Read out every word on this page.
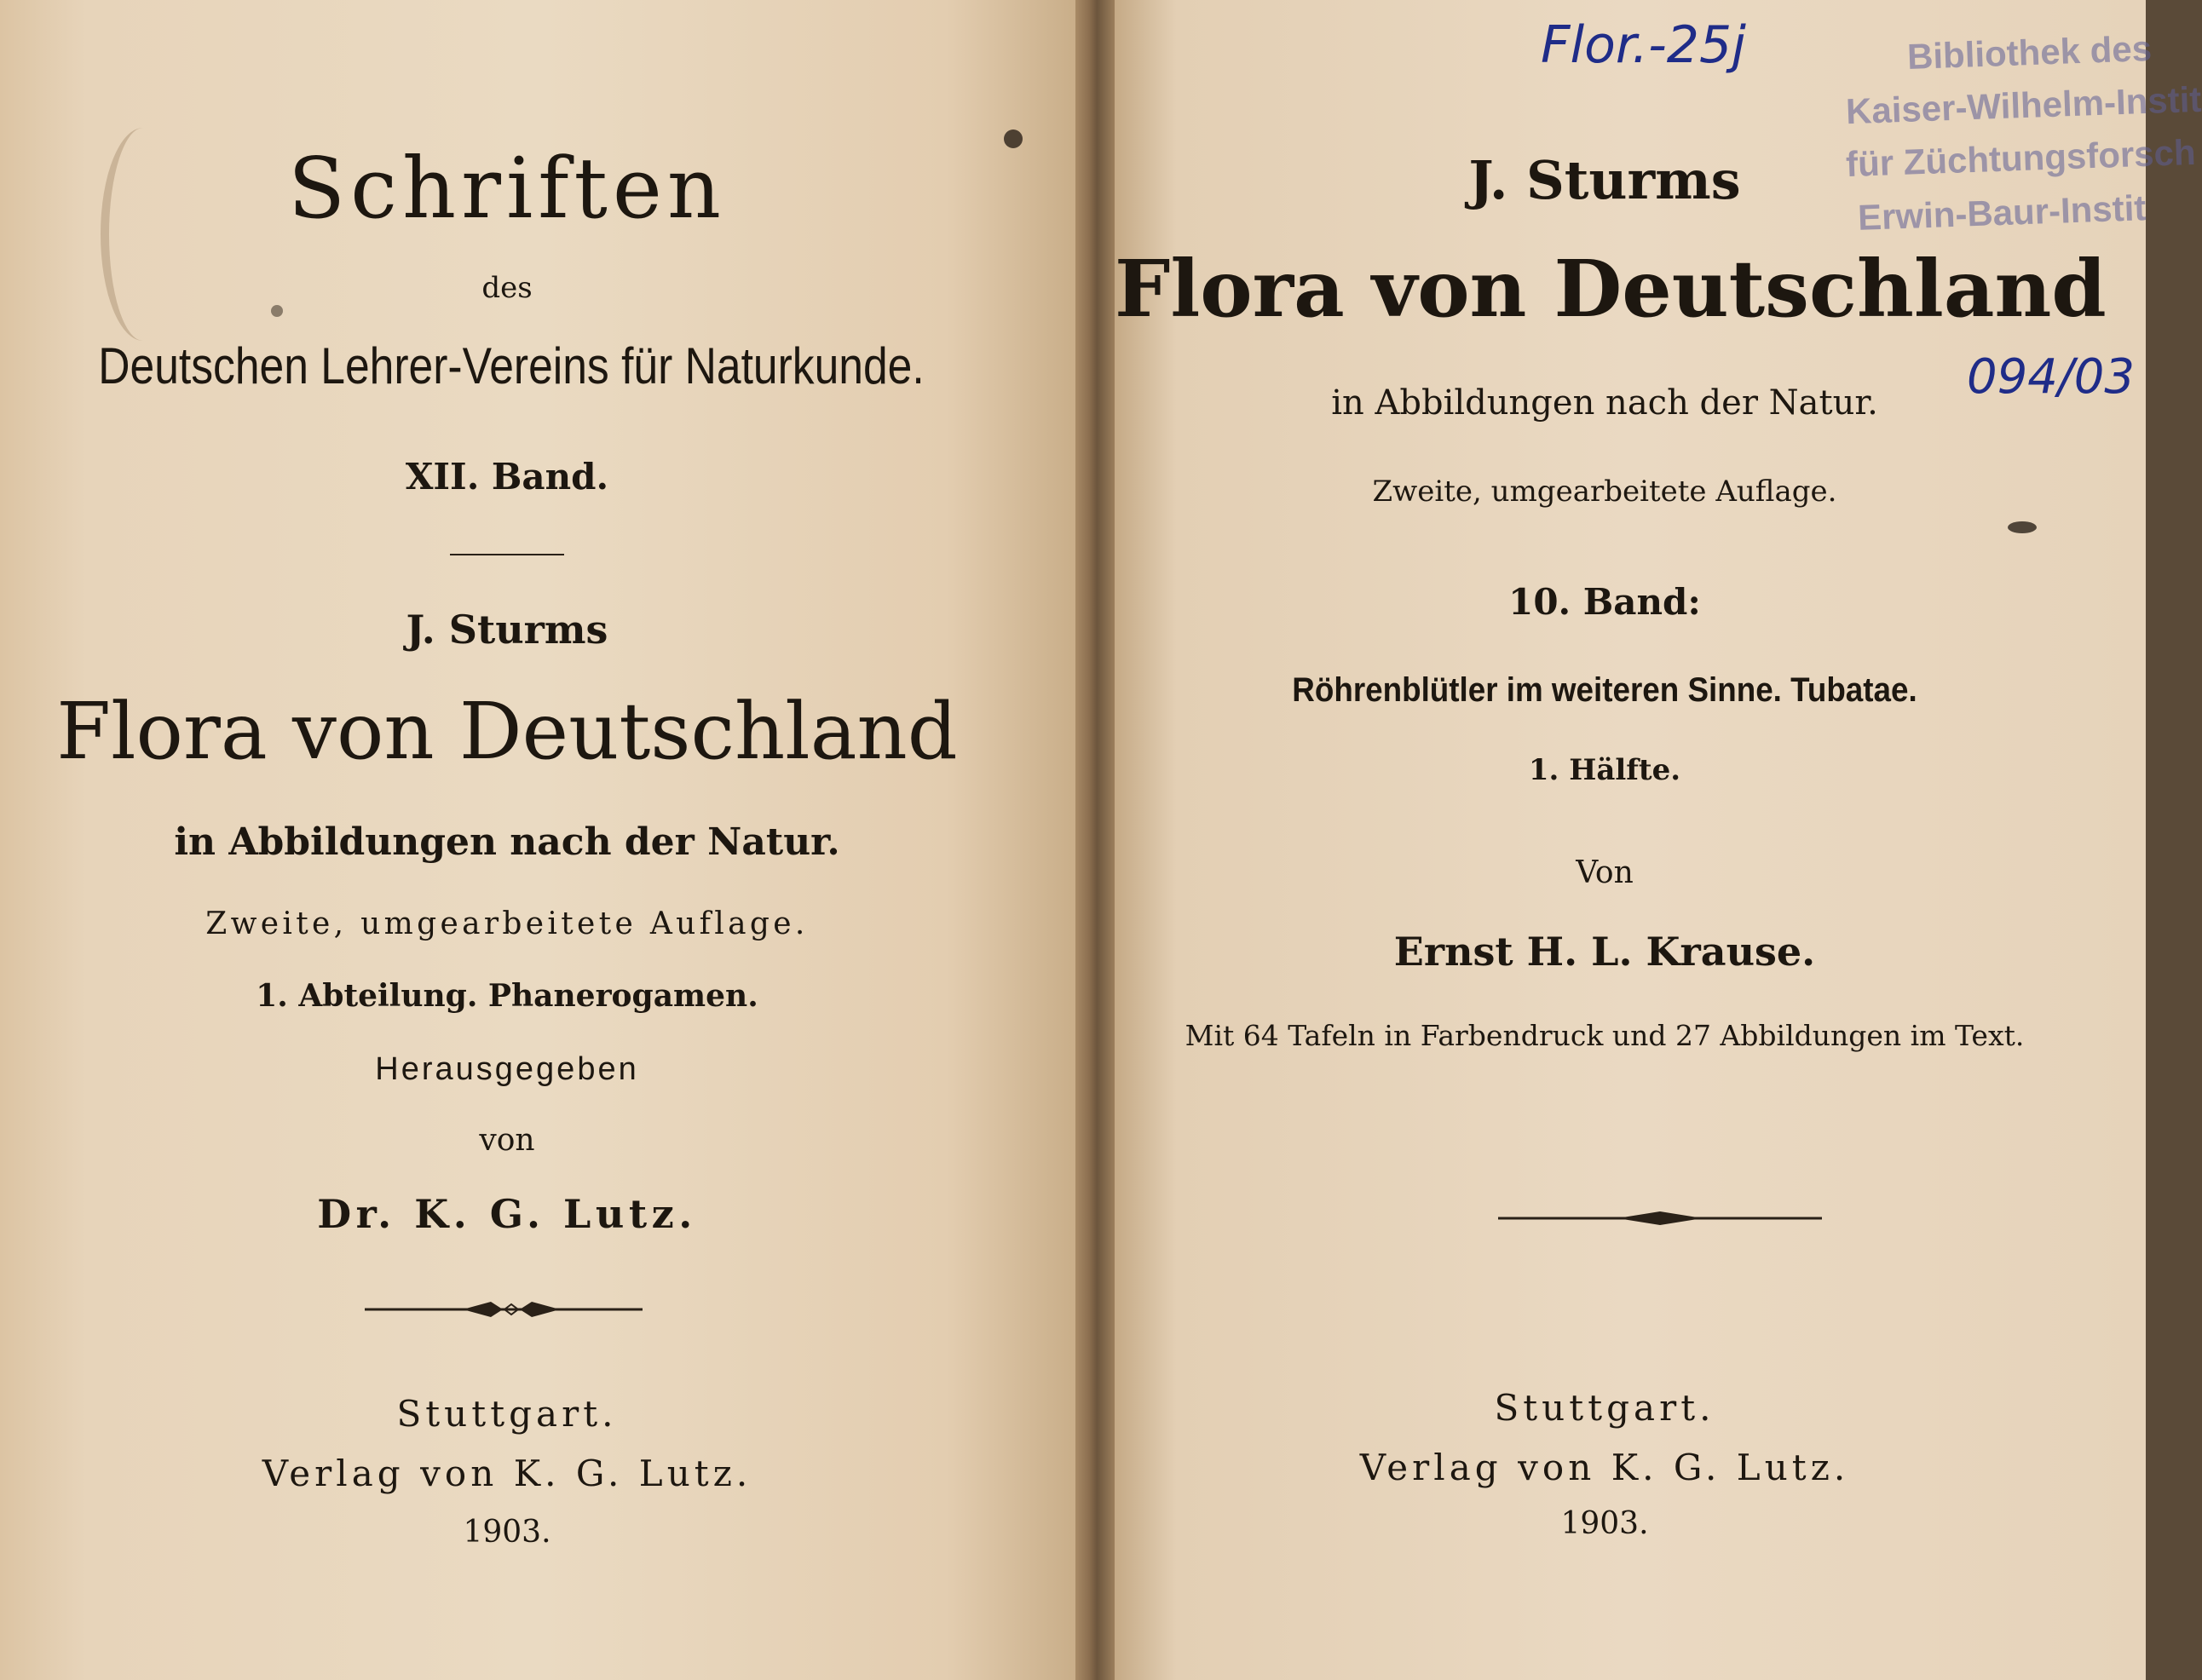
Schriften

des

Deutschen Lehrer-Vereins für Naturkunde.

XII. Band.

J. Sturms

Flora von Deutschland

in Abbildungen nach der Natur.

Zweite, umgearbeitete Auflage.

1. Abteilung. Phanerogamen.

Herausgegeben

von

Dr. K. G. Lutz.

Stuttgart.

Verlag von K. G. Lutz.

1903.

Flor.-25j	Bibliothek des
Kaiser-Wilhelm-Instit
für Züchtungsforsch
Erwin-Baur-Instit
094/03

J. Sturms

Flora von Deutschland

in Abbildungen nach der Natur.

Zweite, umgearbeitete Auflage.

10. Band:

Röhrenblütler im weiteren Sinne. Tubatae.

1. Hälfte.

Von

Ernst H. L. Krause.

Mit 64 Tafeln in Farbendruck und 27 Abbildungen im Text.

Stuttgart.

Verlag von K. G. Lutz.

1903.
